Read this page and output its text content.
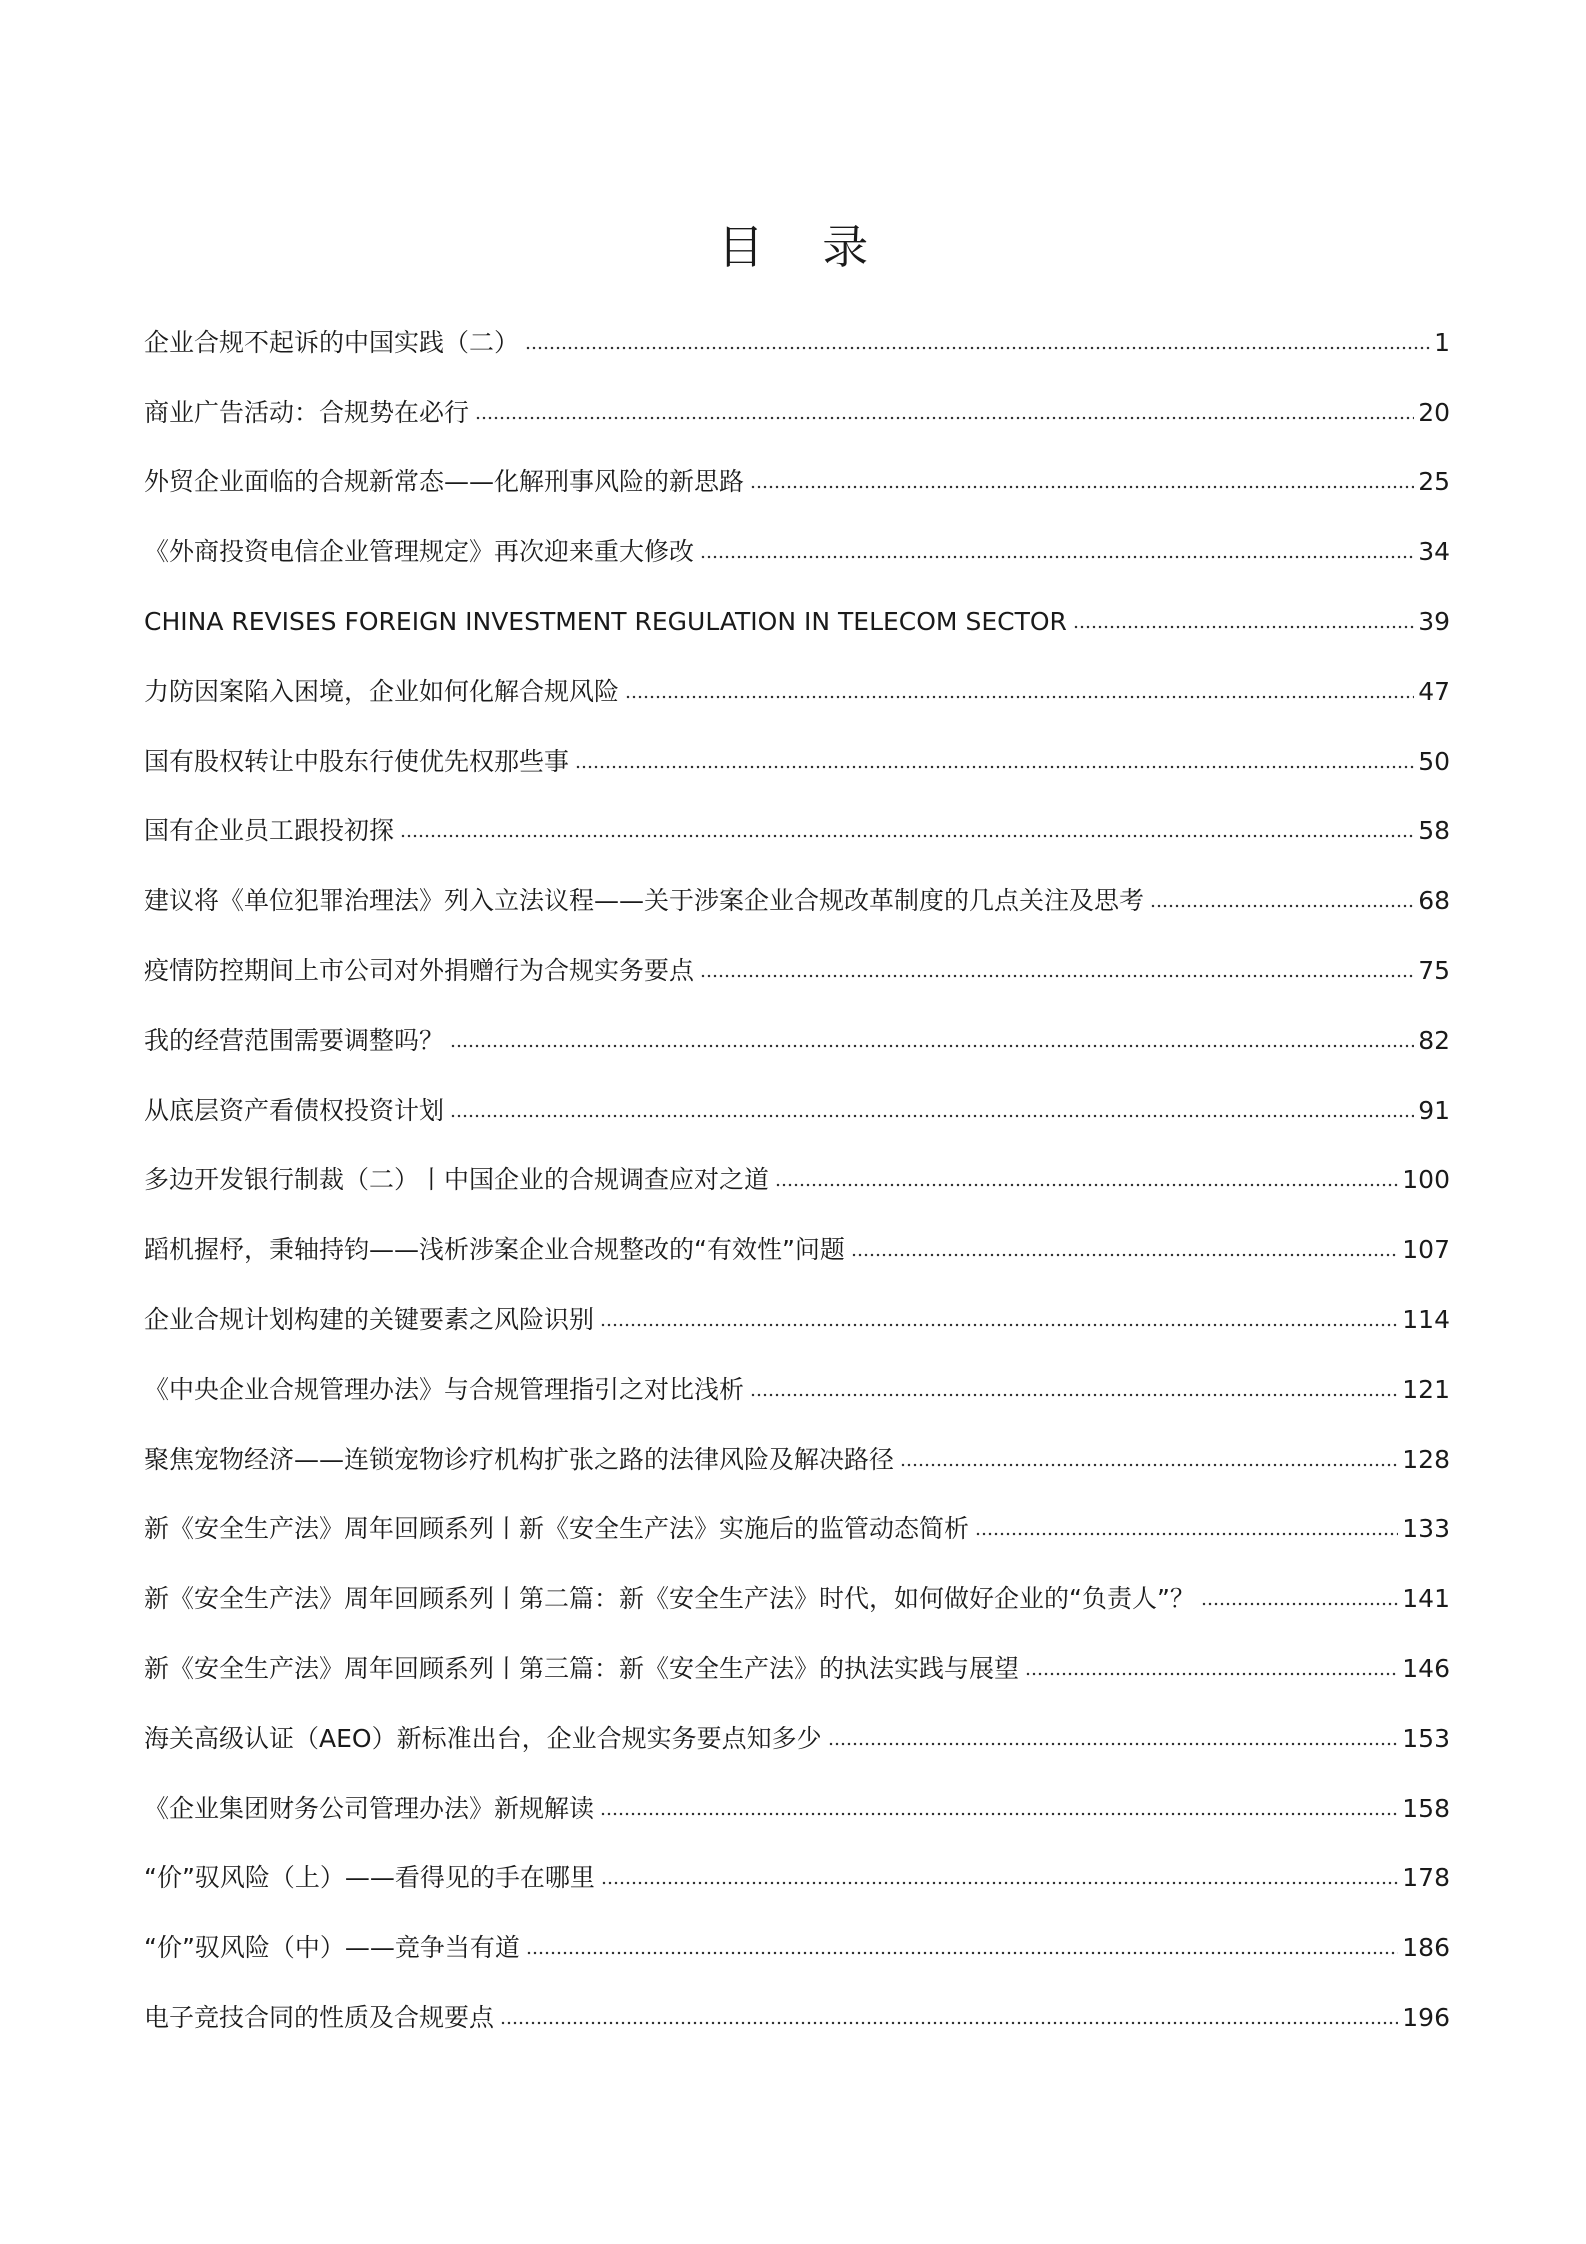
目 录
企业合规不起诉的中国实践（二）	1
商业广告活动：合规势在必行	20
外贸企业面临的合规新常态——化解刑事风险的新思路	25
《外商投资电信企业管理规定》再次迎来重大修改	34
CHINA REVISES FOREIGN INVESTMENT REGULATION IN TELECOM SECTOR	39
力防因案陷入困境，企业如何化解合规风险	47
国有股权转让中股东行使优先权那些事	50
国有企业员工跟投初探	58
建议将《单位犯罪治理法》列入立法议程——关于涉案企业合规改革制度的几点关注及思考	68
疫情防控期间上市公司对外捐赠行为合规实务要点	75
我的经营范围需要调整吗？	82
从底层资产看债权投资计划	91
多边开发银行制裁（二）丨中国企业的合规调查应对之道	100
蹈机握杼，秉轴持钧——浅析涉案企业合规整改的“有效性”问题	107
企业合规计划构建的关键要素之风险识别	114
《中央企业合规管理办法》与合规管理指引之对比浅析	121
聚焦宠物经济——连锁宠物诊疗机构扩张之路的法律风险及解决路径	128
新《安全生产法》周年回顾系列丨新《安全生产法》实施后的监管动态简析	133
新《安全生产法》周年回顾系列丨第二篇：新《安全生产法》时代，如何做好企业的“负责人”？	141
新《安全生产法》周年回顾系列丨第三篇：新《安全生产法》的执法实践与展望	146
海关高级认证（AEO）新标准出台，企业合规实务要点知多少	153
《企业集团财务公司管理办法》新规解读	158
“价”驭风险（上）——看得见的手在哪里	178
“价”驭风险（中）——竞争当有道	186
电子竞技合同的性质及合规要点	196
